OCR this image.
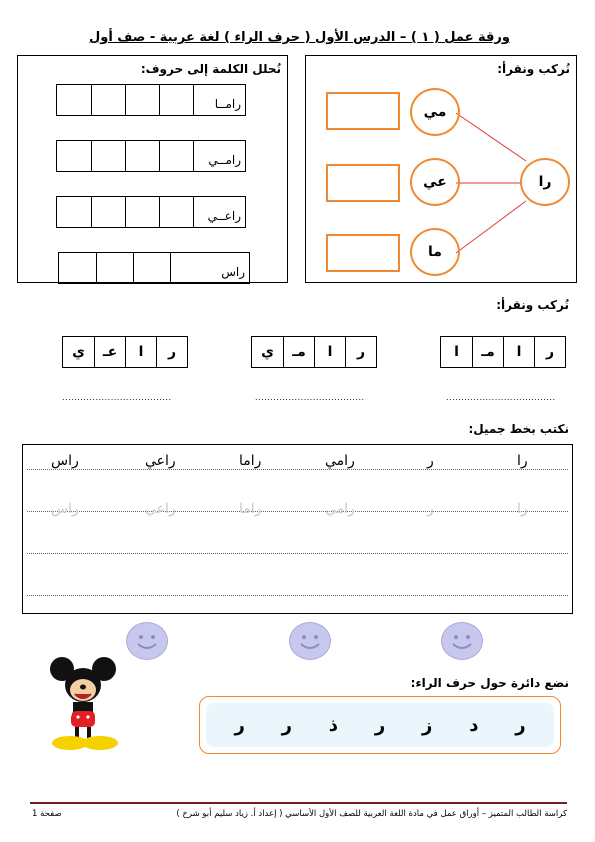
ورقة عمل ( ١ ) – الدرس الأول ( حرف الراء ) لغة عربية - صف أول
نُركب ونقرأ:
مي
عي
ما
را
نُحلل الكلمة إلى حروف:
رامــا
رامــي
راعــي
راس
نُركب ونقرأ:
ر
ا
مـ
ا
ر
ا
مـ
ي
ر
ا
عـ
ي
....................................
....................................
....................................
نكتب بخط جميل:
را
ر
رامي
راما
راعي
راس
را
ر
رامي
راما
راعي
راس
نضع دائرة حول حرف الراء:
ر
د
ز
ر
ذ
ر
ر
كراسة الطالب المتميز – أوراق عمل في مادة اللغة العربية للصف الأول الأساسي ( إعداد أ. زياد سليم أبو شرخ )
صفحة 1
